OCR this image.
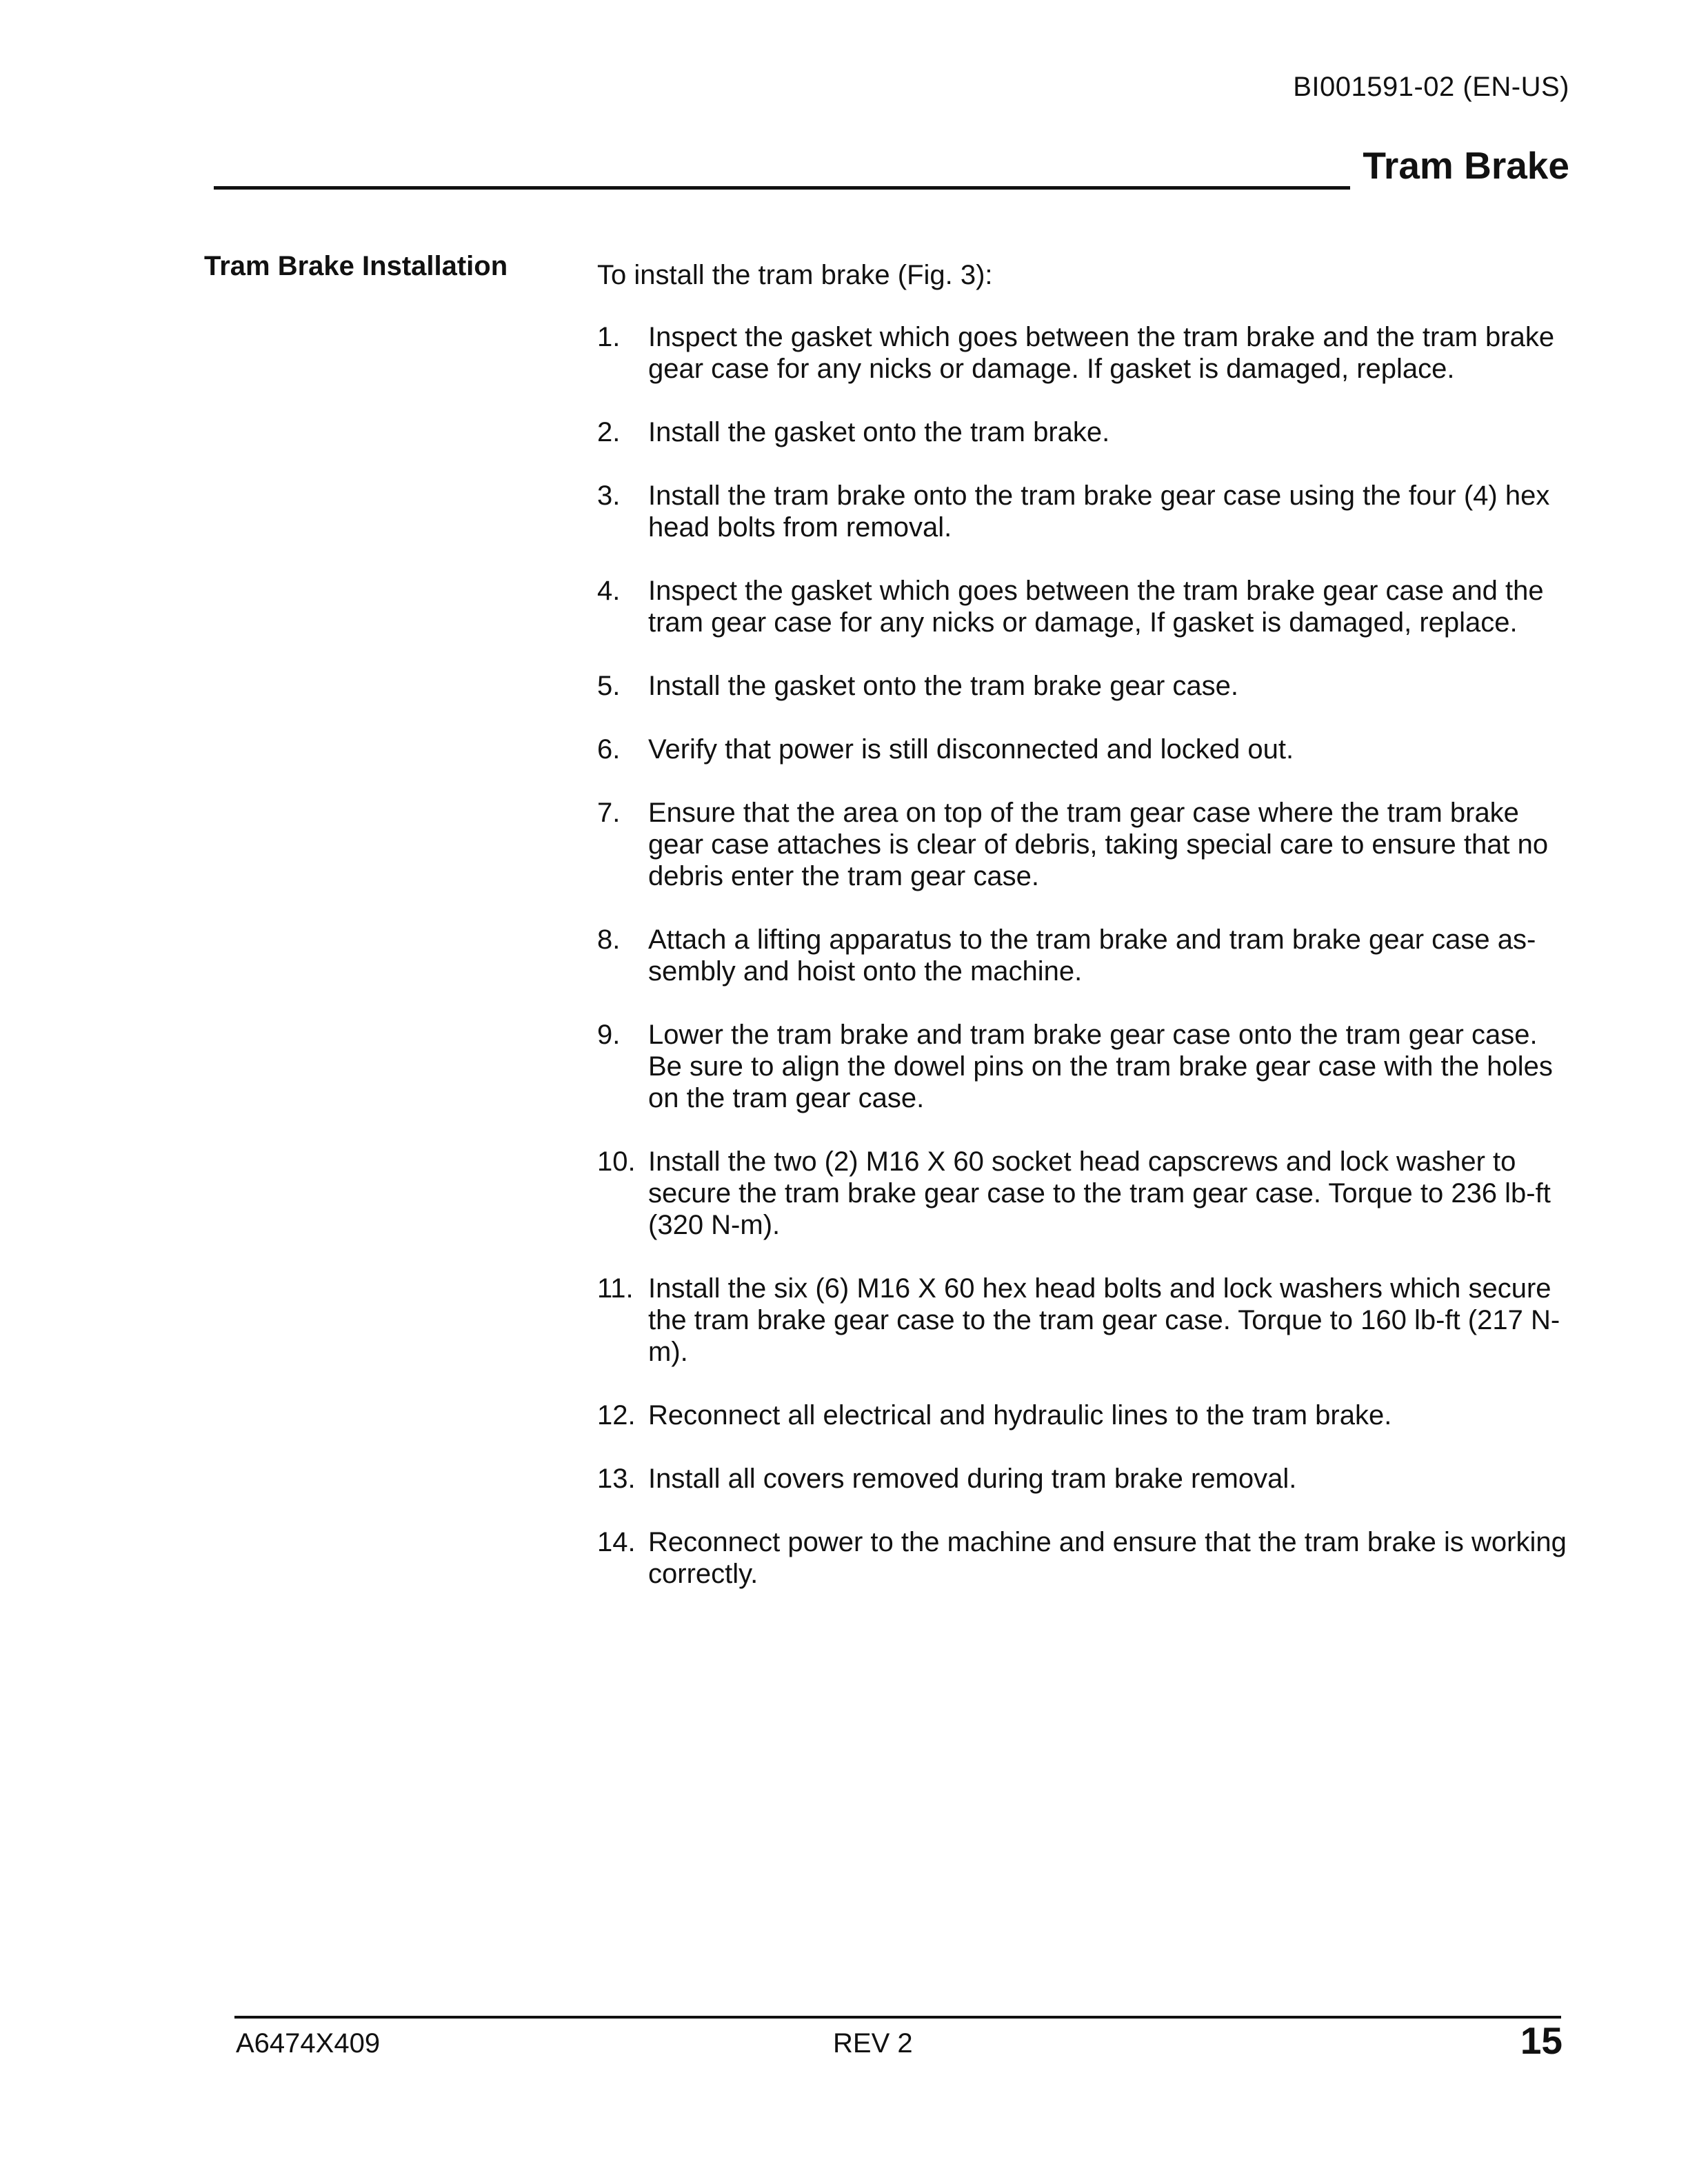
BI001591-02 (EN-US)
Tram Brake
Tram Brake Installation	To install the tram brake (Fig. 3):

1.	Inspect the gasket which goes between the tram brake and the tram brake gear case for any nicks or damage. If gasket is damaged, replace.
2.	Install the gasket onto the tram brake.
3.	Install the tram brake onto the tram brake gear case using the four (4) hex head bolts from removal.
4.	Inspect the gasket which goes between the tram brake gear case and the tram gear case for any nicks or damage, If gasket is damaged, replace.
5.	Install the gasket onto the tram brake gear case.
6.	Verify that power is still disconnected and locked out.
7.	Ensure that the area on top of the tram gear case where the tram brake gear case attaches is clear of debris, taking special care to ensure that no debris enter the tram gear case.
8.	Attach a lifting apparatus to the tram brake and tram brake gear case as-sembly and hoist onto the machine.
9.	Lower the tram brake and tram brake gear case onto the tram gear case. Be sure to align the dowel pins on the tram brake gear case with the holes on the tram gear case.
10. Install the two (2) M16 X 60 socket head capscrews and lock washer to secure the tram brake gear case to the tram gear case. Torque to 236 lb-ft (320 N-m).
11. Install the six (6) M16 X 60 hex head bolts and lock washers which secure the tram brake gear case to the tram gear case. Torque to 160 lb-ft (217 N-m).
12. Reconnect all electrical and hydraulic lines to the tram brake.
13. Install all covers removed during tram brake removal.
14. Reconnect power to the machine and ensure that the tram brake is working correctly.
A6474X409	REV 2	15
